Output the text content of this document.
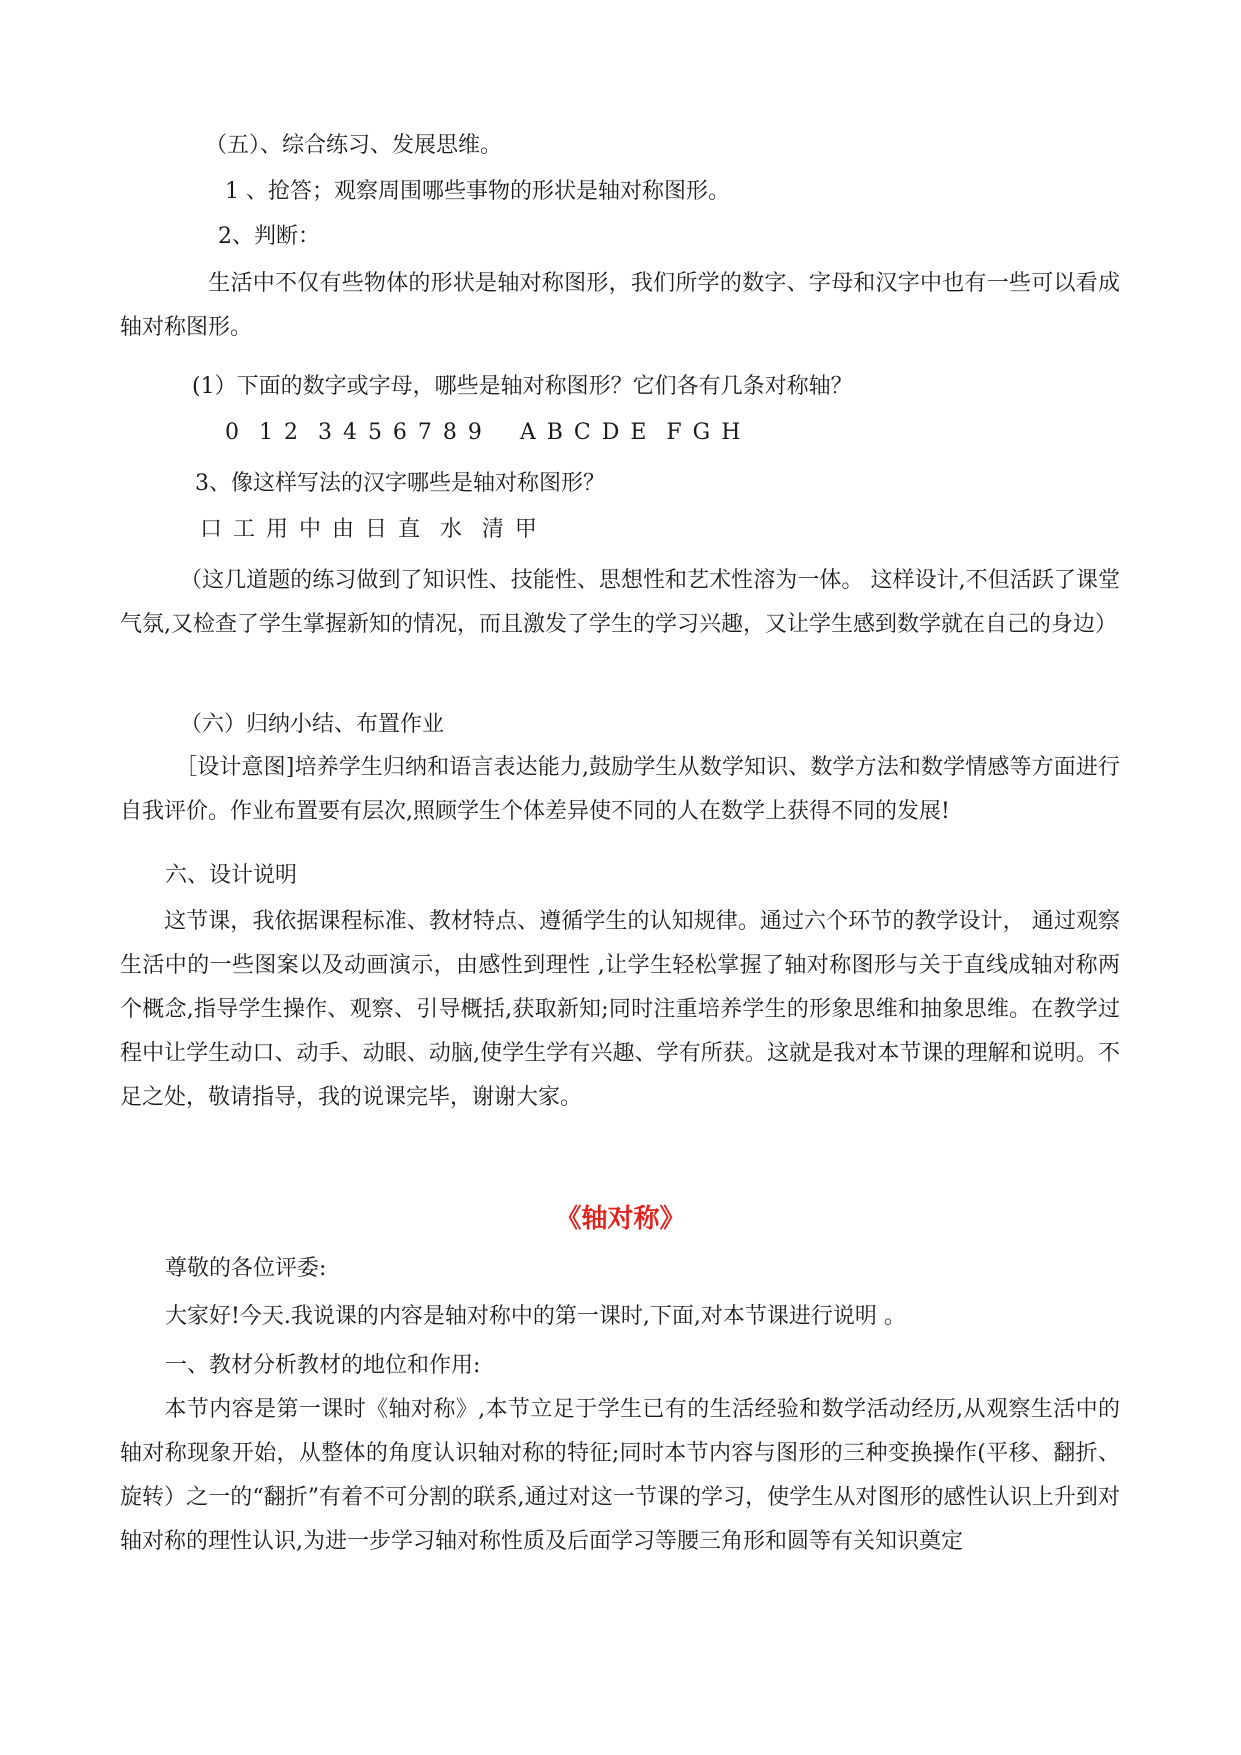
（五）、综合练习、发展思维。
1 、抢答；观察周围哪些事物的形状是轴对称图形。
2、判断：
生活中不仅有些物体的形状是轴对称图形，我们所学的数字、字母和汉字中也有一些可以看成轴对称图形。
(1）下面的数字或字母，哪些是轴对称图形？它们各有几条对称轴？
0  1 2  3 4 5 6 7 8 9    A B C D E  F G H
3、像这样写法的汉字哪些是轴对称图形？
口 工 用 中 由 日 直  水  清 甲
（这几道题的练习做到了知识性、技能性、思想性和艺术性溶为一体。 这样设计,不但活跃了课堂气氛,又检查了学生掌握新知的情况，而且激发了学生的学习兴趣，又让学生感到数学就在自己的身边）
（六）归纳小结、布置作业
［设计意图]培养学生归纳和语言表达能力,鼓励学生从数学知识、数学方法和数学情感等方面进行自我评价。作业布置要有层次,照顾学生个体差异使不同的人在数学上获得不同的发展!
六、设计说明
这节课，我依据课程标准、教材特点、遵循学生的认知规律。通过六个环节的教学设计， 通过观察生活中的一些图案以及动画演示，由感性到理性 ,让学生轻松掌握了轴对称图形与关于直线成轴对称两个概念,指导学生操作、观察、引导概括,获取新知;同时注重培养学生的形象思维和抽象思维。在教学过程中让学生动口、动手、动眼、动脑,使学生学有兴趣、学有所获。这就是我对本节课的理解和说明。不足之处，敬请指导，我的说课完毕，谢谢大家。
《轴对称》
尊敬的各位评委:
大家好!今天.我说课的内容是轴对称中的第一课时,下面,对本节课进行说明 。
一、教材分析教材的地位和作用:
本节内容是第一课时《轴对称》,本节立足于学生已有的生活经验和数学活动经历,从观察生活中的轴对称现象开始，从整体的角度认识轴对称的特征;同时本节内容与图形的三种变换操作(平移、翻折、旋转）之一的“翻折”有着不可分割的联系,通过对这一节课的学习，使学生从对图形的感性认识上升到对轴对称的理性认识,为进一步学习轴对称性质及后面学习等腰三角形和圆等有关知识奠定
